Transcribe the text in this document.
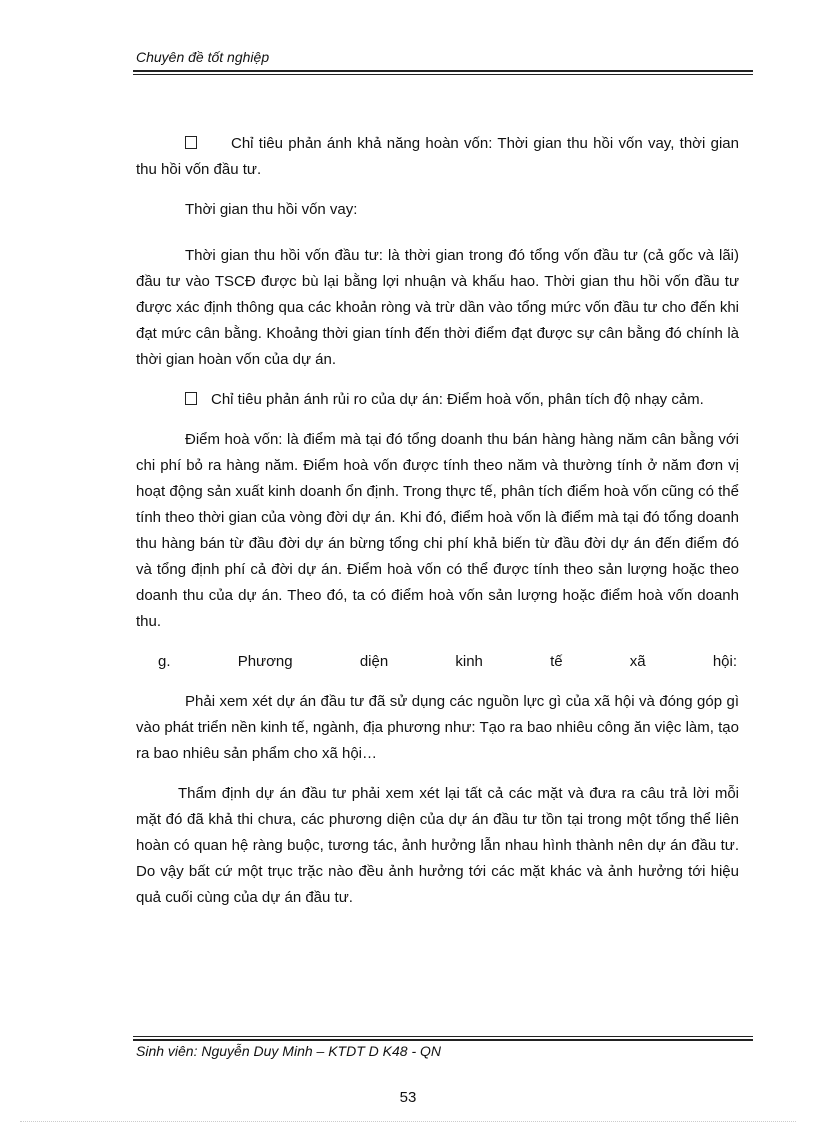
Chuyên đề tốt nghiệp

Chỉ tiêu phản ánh khả năng hoàn vốn: Thời gian thu hồi vốn vay, thời gian thu hồi vốn đầu tư.

Thời gian thu hồi vốn vay:

Thời gian thu hồi vốn đầu tư: là thời gian trong đó tổng vốn đầu tư (cả gốc và lãi) đầu tư vào TSCĐ được bù lại bằng lợi nhuận và khấu hao. Thời gian thu hồi vốn đầu tư được xác định thông qua các khoản ròng và trừ dần vào tổng mức vốn đầu tư cho đến khi đạt mức cân bằng. Khoảng thời gian tính đến thời điểm đạt được sự cân bằng đó chính là thời gian hoàn vốn của dự án.

Chỉ tiêu phản ánh rủi ro của dự án: Điểm hoà vốn, phân tích độ nhạy cảm.

Điểm hoà vốn: là điểm mà tại đó tổng doanh thu bán hàng hàng năm cân bằng với chi phí bỏ ra hàng năm. Điểm hoà vốn được tính theo năm và thường tính ở năm đơn vị hoạt động sản xuất kinh doanh ổn định. Trong thực tế, phân tích điểm hoà vốn cũng có thể tính theo thời gian của vòng đời dự án. Khi đó, điểm hoà vốn là điểm mà tại đó tổng doanh thu hàng bán từ đầu đời dự án bừng tổng chi phí khả biến từ đầu đời dự án đến điểm đó và tổng định phí cả đời dự án. Điểm hoà vốn có thể được tính theo sản lượng hoặc theo doanh thu của dự án. Theo đó, ta có điểm hoà vốn sản lượng hoặc điểm hoà vốn doanh thu.

g.	Phương	diện	kinh	tế	xã	hội:

Phải xem xét dự án đầu tư đã sử dụng các nguồn lực gì của xã hội và đóng góp gì vào phát triển nền kinh tế, ngành, địa phương như: Tạo ra bao nhiêu công ăn việc làm, tạo ra bao nhiêu sản phẩm cho xã hội…

Thẩm định dự án đầu tư phải xem xét lại tất cả các mặt và đưa ra câu trả lời mỗi mặt đó đã khả thi chưa, các phương diện của dự án đầu tư tồn tại trong một tổng thể liên hoàn có quan hệ ràng buộc, tương tác, ảnh hưởng lẫn nhau hình thành nên dự án đầu tư. Do vậy bất cứ một trục trặc nào đều ảnh hưởng tới các mặt khác và ảnh hưởng tới hiệu quả cuối cùng của dự án đầu tư.

Sinh viên: Nguyễn Duy Minh – KTDT D K48 - QN
53
